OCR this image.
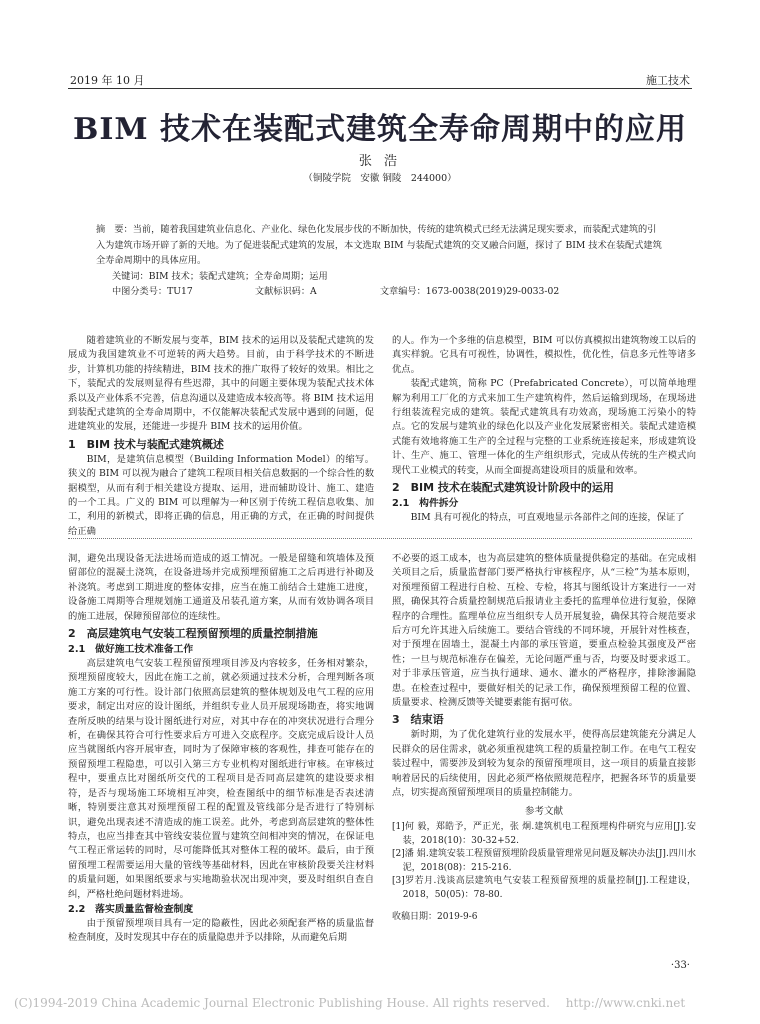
2019 年 10 月	施工技术
BIM 技术在装配式建筑全寿命周期中的应用
张 浩
（铜陵学院　安徽 铜陵　244000）
摘　要：当前，随着我国建筑业信息化、产业化、绿色化发展步伐的不断加快，传统的建筑模式已经无法满足现实要求，而装配式建筑的引入为建筑市场开辟了新的天地。为了促进装配式建筑的发展，本文选取 BIM 与装配式建筑的交叉融合问题，探讨了 BIM 技术在装配式建筑全寿命周期中的具体应用。
关键词：BIM 技术；装配式建筑；全寿命周期；运用
中图分类号：TU17	文献标识码：A	文章编号：1673-0038(2019)29-0033-02

随着建筑业的不断发展与变革，BIM 技术的运用以及装配式建筑的发展成为我国建筑业不可逆转的两大趋势。目前，由于科学技术的不断进步，计算机功能的持续精进，BIM 技术的推广取得了较好的效果。相比之下，装配式的发展则显得有些迟滞，其中的问题主要体现为装配式技术体系以及产业体系不完善，信息沟通以及建造成本较高等。将 BIM 技术运用到装配式建筑的全寿命周期中，不仅能解决装配式发展中遇到的问题，促进建筑业的发展，还能进一步提升 BIM 技术的运用价值。

1　BIM 技术与装配式建筑概述

BIM，是建筑信息模型（Building Information Model）的缩写。狭义的 BIM 可以视为融合了建筑工程项目相关信息数据的一个综合性的数据模型，从而有利于相关建设方提取、运用，进而辅助设计、施工、建造的一个工具。广义的 BIM 可以理解为一种区别于传统工程信息收集、加工，利用的新模式，即将正确的信息，用正确的方式，在正确的时间提供给正确

的人。作为一个多维的信息模型，BIM 可以仿真模拟出建筑物竣工以后的真实样貌。它具有可视性，协调性，模拟性，优化性，信息多元性等诸多优点。

装配式建筑，简称 PC（Prefabricated Concrete），可以简单地理解为利用工厂化的方式来加工生产建筑构件，然后运输到现场，在现场进行组装流程完成的建筑。装配式建筑具有功效高，现场施工污染小的特点。它的发展与建筑业的绿色化以及产业化发展紧密相关。装配式建造模式能有效地将施工生产的全过程与完整的工业系统连接起来，形成建筑设计、生产、施工、管理一体化的生产组织形式，完成从传统的生产模式向现代工业模式的转变，从而全面提高建设项目的质量和效率。

2　BIM 技术在装配式建筑设计阶段中的运用
2.1　构件拆分

BIM 具有可视化的特点，可直观地显示各部件之间的连接，保证了

洞，避免出现设备无法进场而造成的返工情况。一般是留缝和筑墙体及预留部位的混凝土浇筑，在设备进场并完成预埋预留施工之后再进行补砌及补浇筑。考虑到工期进度的整体安排，应当在施工前结合土建施工进度，设备施工周期等合理规划施工通道及吊装孔道方案，从而有效协调各项目的施工进展，保障预留部位的连续性。

2　高层建筑电气安装工程预留预埋的质量控制措施
2.1　做好施工技术准备工作

高层建筑电气安装工程预留预埋项目涉及内容较多，任务相对繁杂，预埋预留度较大，因此在施工之前，就必须通过技术分析，合理判断各项施工方案的可行性。设计部门依照高层建筑的整体规划及电气工程的应用要求，制定出对应的设计图纸，并组织专业人员开展现场勘查，将实地调查所反映的结果与设计图纸进行对应，对其中存在的冲突状况进行合理分析，在确保其符合可行性要求后方可进入交底程序。交底完成后设计人员应当就图纸内容开展审查，同时为了保障审核的客观性，排查可能存在的预留预埋工程隐患，可以引入第三方专业机构对图纸进行审核。在审核过程中，要重点比对图纸所交代的工程项目是否同高层建筑的建设要求相符，是否与现场施工环境相互冲突，检查图纸中的细节标准是否表述清晰，特别要注意其对预埋预留工程的配置及管线部分是否进行了特别标识，避免出现表述不清造成的施工误差。此外，考虑到高层建筑的整体性特点，也应当排查其中管线安装位置与建筑空间相冲突的情况，在保证电气工程正常运转的同时，尽可能降低其对整体工程的破坏。最后，由于预留预埋工程需要运用大量的管线等基础材料，因此在审核阶段要关注材料的质量问题，如果图纸要求与实地勘验状况出现冲突，要及时组织自查自纠，严格杜绝问题材料进场。

2.2　落实质量监督检查制度

由于预留预埋项目具有一定的隐蔽性，因此必须配套严格的质量监督检查制度，及时发现其中存在的质量隐患并予以排除，从而避免后期

不必要的返工成本，也为高层建筑的整体质量提供稳定的基础。在完成相关项目之后，质量监督部门要严格执行审核程序，从“三检”为基本原则，对预埋预留工程进行自检、互检、专检，将其与图纸设计方案进行一一对照，确保其符合质量控制规范后报请业主委托的监理单位进行复验，保障程序的合理性。监理单位应当组织专人员开展复验，确保其符合规范要求后方可允许其进入后续施工。要结合管线的不同环境，开展针对性核查，对于预埋在固墙土，混凝土内部的承压管道，要重点检验其强度及严密性；一旦与规范标准存在偏差，无论问题严重与否，均要及时要求返工。对于非承压管道，应当执行通球、通水、灌水的严格程序，排除渗漏隐患。在检查过程中，要做好相关的记录工作，确保预埋预留工程的位置、质量要求、检测反馈等关键要素能有据可依。

3　结束语

新时期，为了优化建筑行业的发展水平，使得高层建筑能充分满足人民群众的居住需求，就必须重视建筑工程的质量控制工作。在电气工程安装过程中，需要涉及到较为复杂的预留预埋项目，这一项目的质量直接影响着居民的后续使用，因此必须严格依照规范程序，把握各环节的质量要点，切实提高预留预埋项目的质量控制能力。

参考文献

[1]何 毅，郑皓予，严正光，张 炯.建筑机电工程预埋构件研究与应用[J].安装，2018(10)：30-32+52.

[2]潘 娟.建筑安装工程预留预埋阶段质量管理常见问题及解决办法[J].四川水泥，2018(08)：215-216.

[3]罗若月.浅谈高层建筑电气安装工程预留预埋的质量控制[J].工程建设，2018，50(05)：78-80.

收稿日期：2019-9-6

·33·
(C)1994-2019 China Academic Journal Electronic Publishing House. All rights reserved.　 http://www.cnki.net
